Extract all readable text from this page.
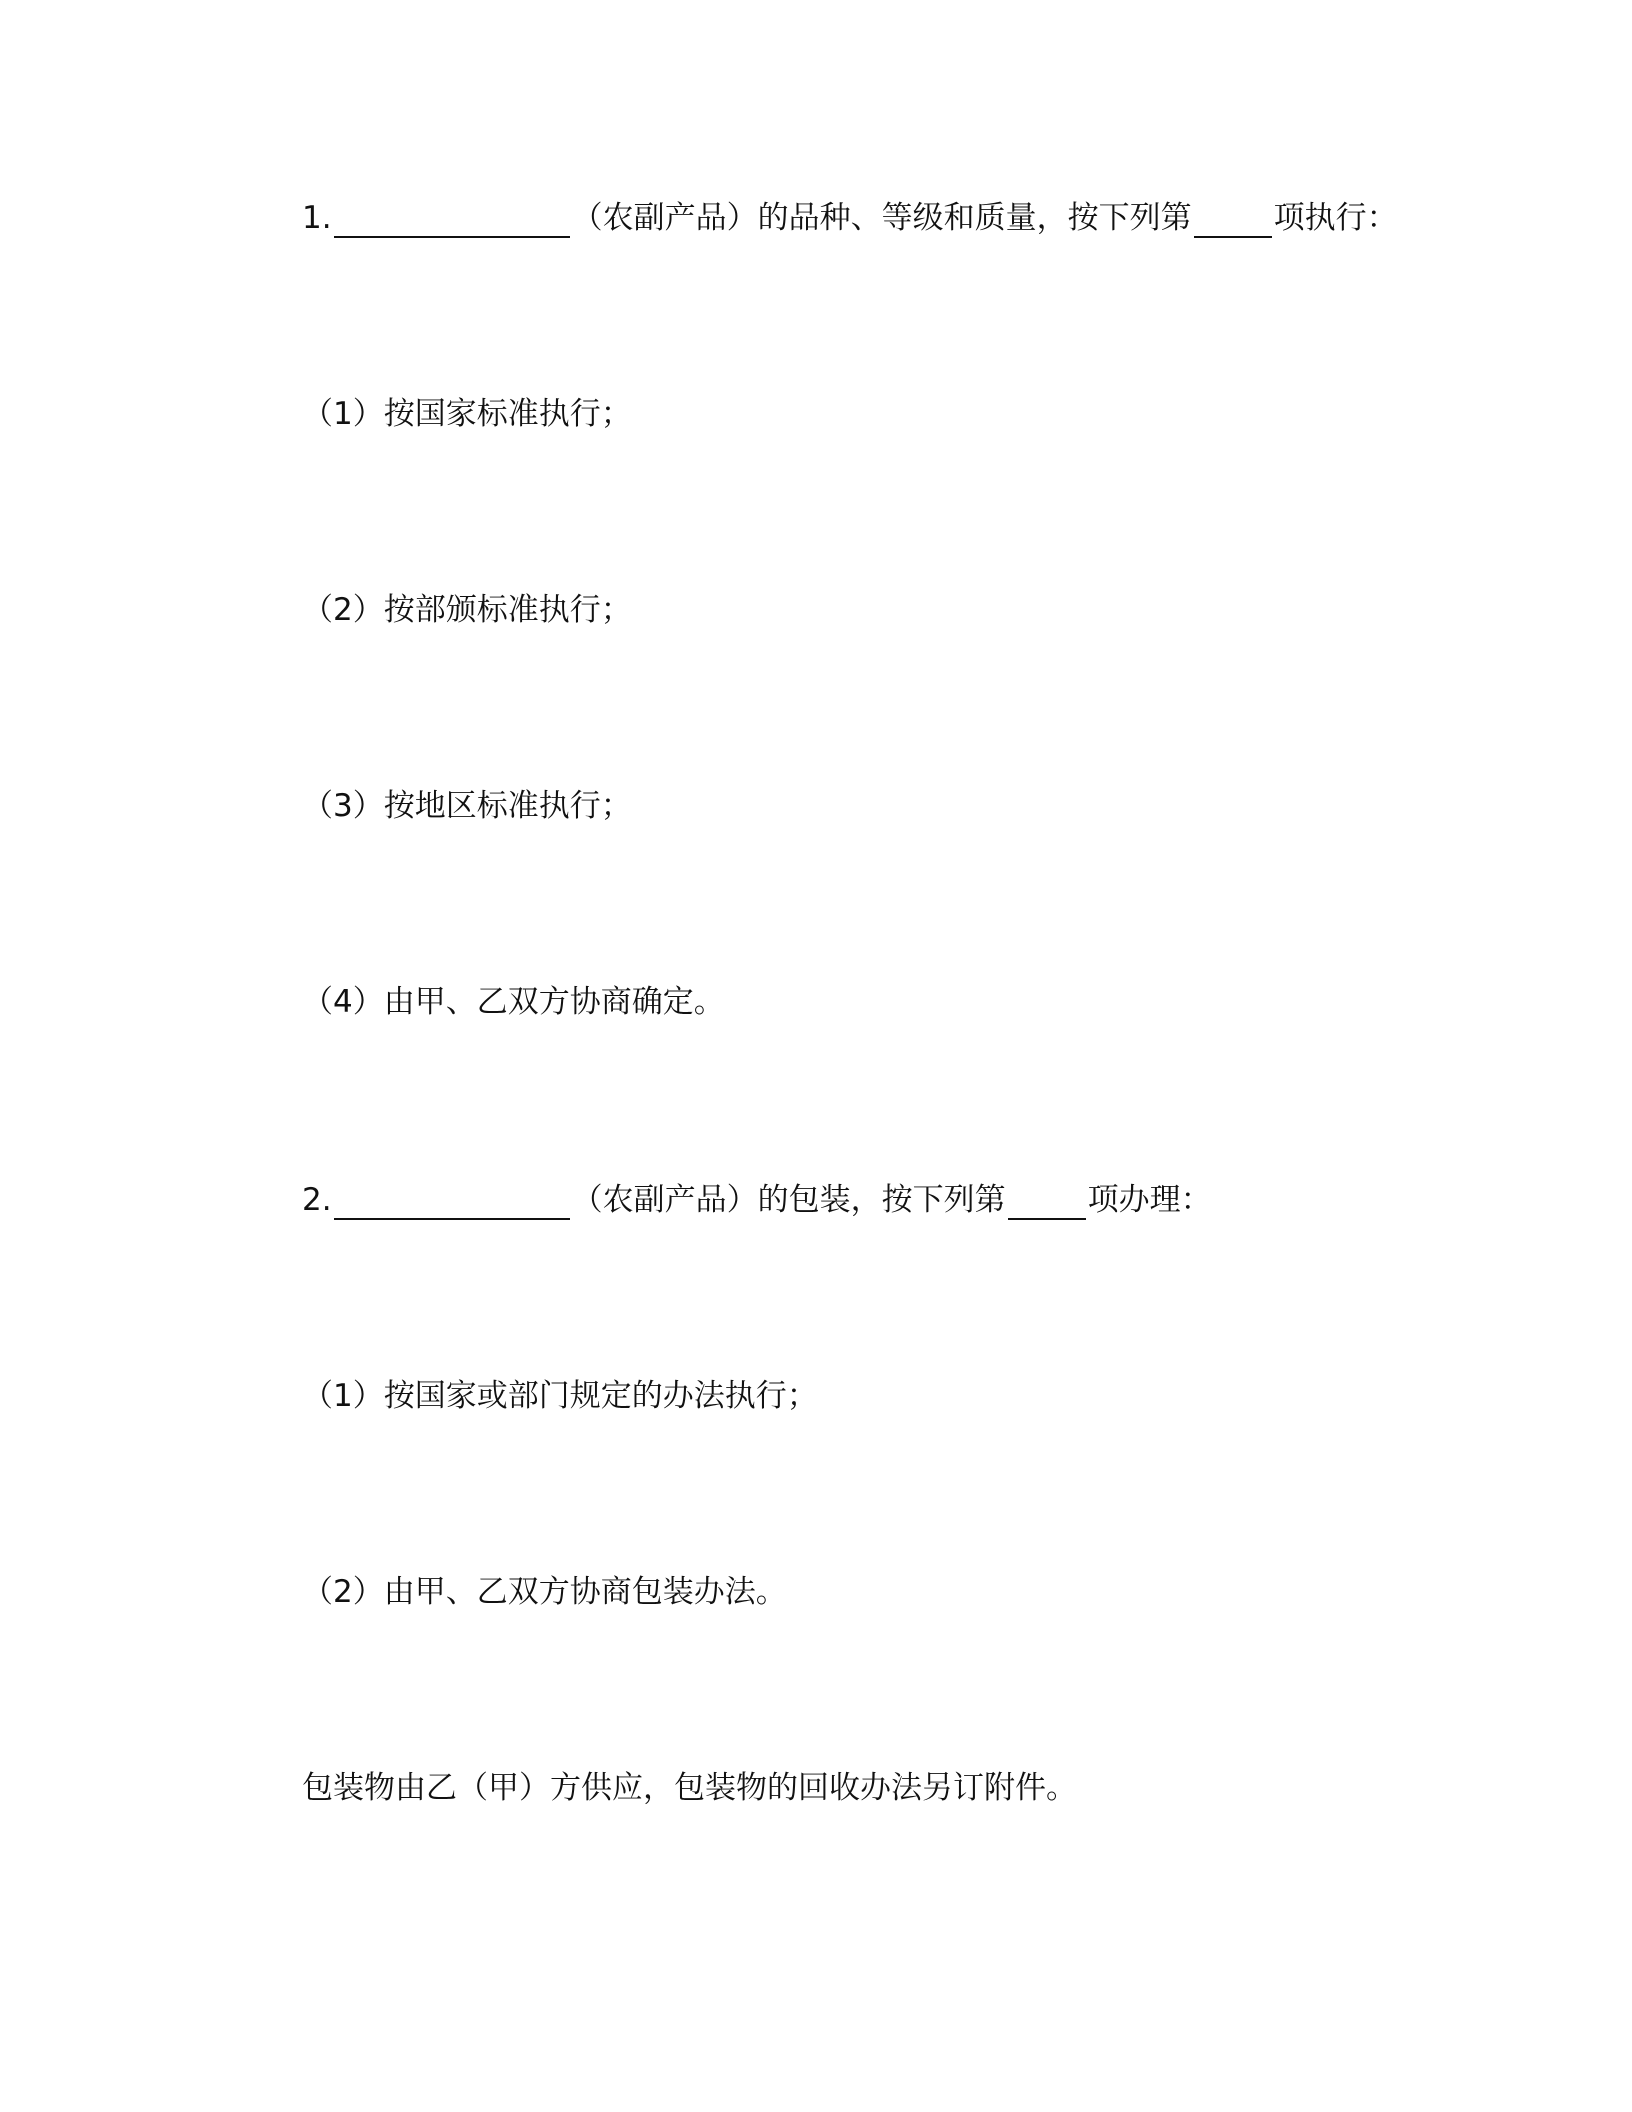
1.	（农副产品）的品种、等级和质量，按下列第	项执行：
（1）按国家标准执行；
（2）按部颁标准执行；
（3）按地区标准执行；
（4）由甲、乙双方协商确定。
2.	（农副产品）的包装，按下列第	项办理：
（1）按国家或部门规定的办法执行；
（2）由甲、乙双方协商包装办法。
包装物由乙（甲）方供应，包装物的回收办法另订附件。
